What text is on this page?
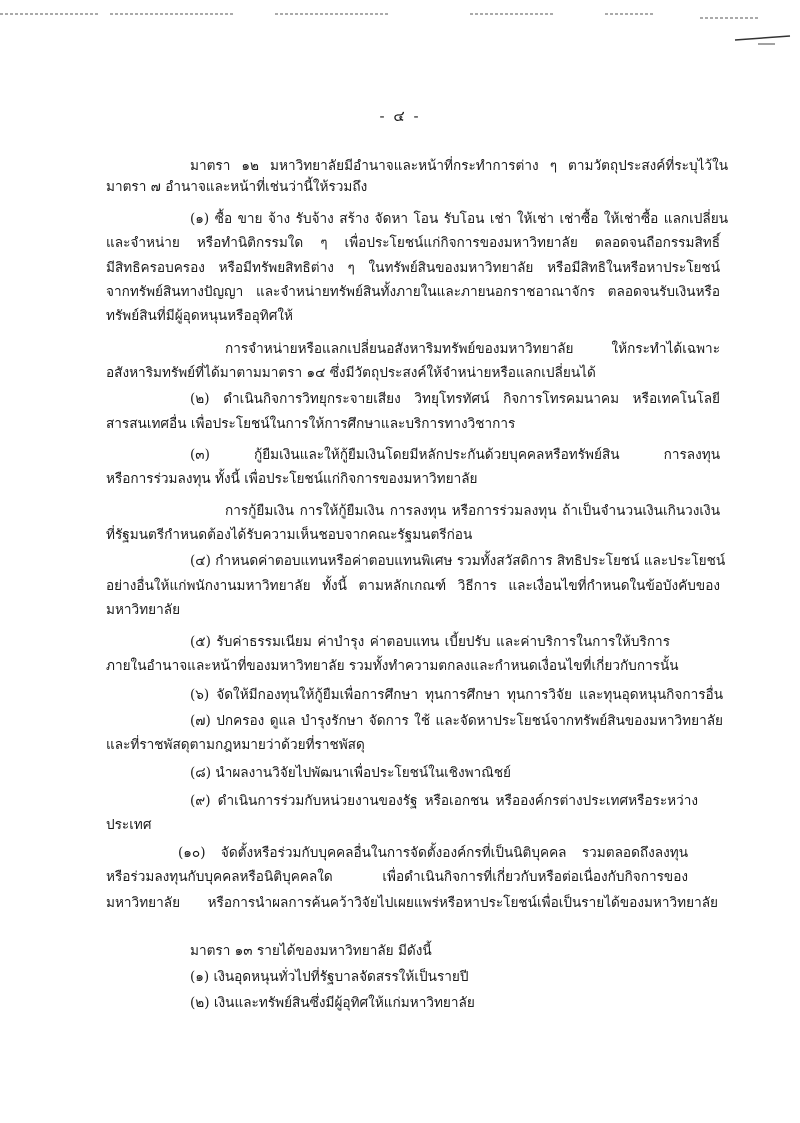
- ๔ -
มาตรา ๑๒ มหาวิทยาลัยมีอำนาจและหน้าที่กระทำการต่าง ๆ ตามวัตถุประสงค์ที่ระบุไว้ใน
มาตรา ๗ อำนาจและหน้าที่เช่นว่านี้ให้รวมถึง
(๑) ซื้อ ขาย จ้าง รับจ้าง สร้าง จัดหา โอน รับโอน เช่า ให้เช่า เช่าซื้อ ให้เช่าซื้อ แลกเปลี่ยน
และจำหน่าย หรือทำนิติกรรมใด ๆ เพื่อประโยชน์แก่กิจการของมหาวิทยาลัย ตลอดจนถือกรรมสิทธิ์
มีสิทธิครอบครอง หรือมีทรัพยสิทธิต่าง ๆ ในทรัพย์สินของมหาวิทยาลัย หรือมีสิทธิในหรือหาประโยชน์
จากทรัพย์สินทางปัญญา และจำหน่ายทรัพย์สินทั้งภายในและภายนอกราชอาณาจักร ตลอดจนรับเงินหรือ
ทรัพย์สินที่มีผู้อุดหนุนหรืออุทิศให้
การจำหน่ายหรือแลกเปลี่ยนอสังหาริมทรัพย์ของมหาวิทยาลัย ให้กระทำได้เฉพาะ
อสังหาริมทรัพย์ที่ได้มาตามมาตรา ๑๔ ซึ่งมีวัตถุประสงค์ให้จำหน่ายหรือแลกเปลี่ยนได้
(๒) ดำเนินกิจการวิทยุกระจายเสียง วิทยุโทรทัศน์ กิจการโทรคมนาคม หรือเทคโนโลยี
สารสนเทศอื่น เพื่อประโยชน์ในการให้การศึกษาและบริการทางวิชาการ
(๓) กู้ยืมเงินและให้กู้ยืมเงินโดยมีหลักประกันด้วยบุคคลหรือทรัพย์สิน การลงทุน
หรือการร่วมลงทุน ทั้งนี้ เพื่อประโยชน์แก่กิจการของมหาวิทยาลัย
การกู้ยืมเงิน การให้กู้ยืมเงิน การลงทุน หรือการร่วมลงทุน ถ้าเป็นจำนวนเงินเกินวงเงิน
ที่รัฐมนตรีกำหนดต้องได้รับความเห็นชอบจากคณะรัฐมนตรีก่อน
(๔) กำหนดค่าตอบแทนหรือค่าตอบแทนพิเศษ รวมทั้งสวัสดิการ สิทธิประโยชน์ และประโยชน์
อย่างอื่นให้แก่พนักงานมหาวิทยาลัย ทั้งนี้ ตามหลักเกณฑ์ วิธีการ และเงื่อนไขที่กำหนดในข้อบังคับของ
มหาวิทยาลัย
(๕) รับค่าธรรมเนียม ค่าบำรุง ค่าตอบแทน เบี้ยปรับ และค่าบริการในการให้บริการ
ภายในอำนาจและหน้าที่ของมหาวิทยาลัย รวมทั้งทำความตกลงและกำหนดเงื่อนไขที่เกี่ยวกับการนั้น
(๖) จัดให้มีกองทุนให้กู้ยืมเพื่อการศึกษา ทุนการศึกษา ทุนการวิจัย และทุนอุดหนุนกิจการอื่น
(๗) ปกครอง ดูแล บำรุงรักษา จัดการ ใช้ และจัดหาประโยชน์จากทรัพย์สินของมหาวิทยาลัย
และที่ราชพัสดุตามกฎหมายว่าด้วยที่ราชพัสดุ
(๘) นำผลงานวิจัยไปพัฒนาเพื่อประโยชน์ในเชิงพาณิชย์
(๙) ดำเนินการร่วมกับหน่วยงานของรัฐ หรือเอกชน หรือองค์กรต่างประเทศหรือระหว่าง
ประเทศ
(๑๐) จัดตั้งหรือร่วมกับบุคคลอื่นในการจัดตั้งองค์กรที่เป็นนิติบุคคล รวมตลอดถึงลงทุน
หรือร่วมลงทุนกับบุคคลหรือนิติบุคคลใด เพื่อดำเนินกิจการที่เกี่ยวกับหรือต่อเนื่องกับกิจการของ
มหาวิทยาลัย หรือการนำผลการค้นคว้าวิจัยไปเผยแพร่หรือหาประโยชน์เพื่อเป็นรายได้ของมหาวิทยาลัย
มาตรา ๑๓ รายได้ของมหาวิทยาลัย มีดังนี้
(๑) เงินอุดหนุนทั่วไปที่รัฐบาลจัดสรรให้เป็นรายปี
(๒) เงินและทรัพย์สินซึ่งมีผู้อุทิศให้แก่มหาวิทยาลัย
